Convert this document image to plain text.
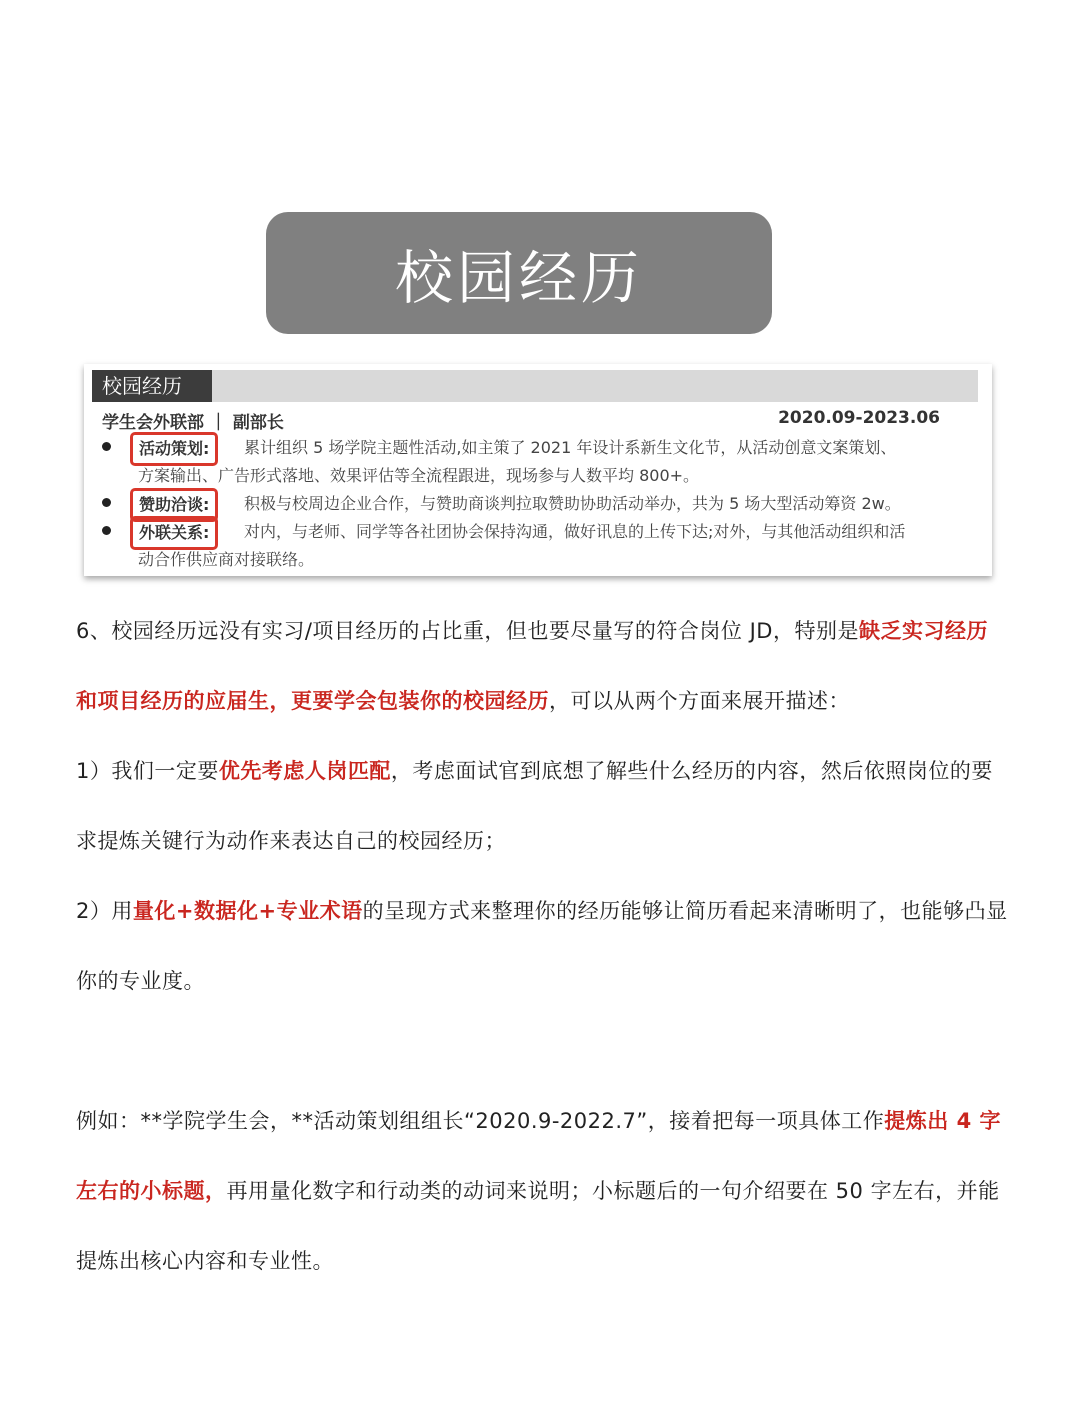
校园经历
校园经历
学生会外联部 ｜ 副部长	2020.09-2023.06
活动策划:	累计组织 5 场学院主题性活动,如主策了 2021 年设计系新生文化节，从活动创意文案策划、
方案输出、广告形式落地、效果评估等全流程跟进，现场参与人数平均 800+。
赞助洽谈:	积极与校周边企业合作，与赞助商谈判拉取赞助协助活动举办，共为 5 场大型活动筹资 2w。
外联关系:	对内，与老师、同学等各社团协会保持沟通，做好讯息的上传下达;对外，与其他活动组织和活
动合作供应商对接联络。
6、校园经历远没有实习/项目经历的占比重，但也要尽量写的符合岗位 JD，特别是缺乏实习经历和项目经历的应届生，更要学会包装你的校园经历，可以从两个方面来展开描述：
1）我们一定要优先考虑人岗匹配，考虑面试官到底想了解些什么经历的内容，然后依照岗位的要求提炼关键行为动作来表达自己的校园经历；
2）用量化+数据化+专业术语的呈现方式来整理你的经历能够让简历看起来清晰明了，也能够凸显你的专业度。
例如：**学院学生会，**活动策划组组长“2020.9-2022.7”，接着把每一项具体工作提炼出 4 字左右的小标题，再用量化数字和行动类的动词来说明；小标题后的一句介绍要在 50 字左右，并能提炼出核心内容和专业性。
